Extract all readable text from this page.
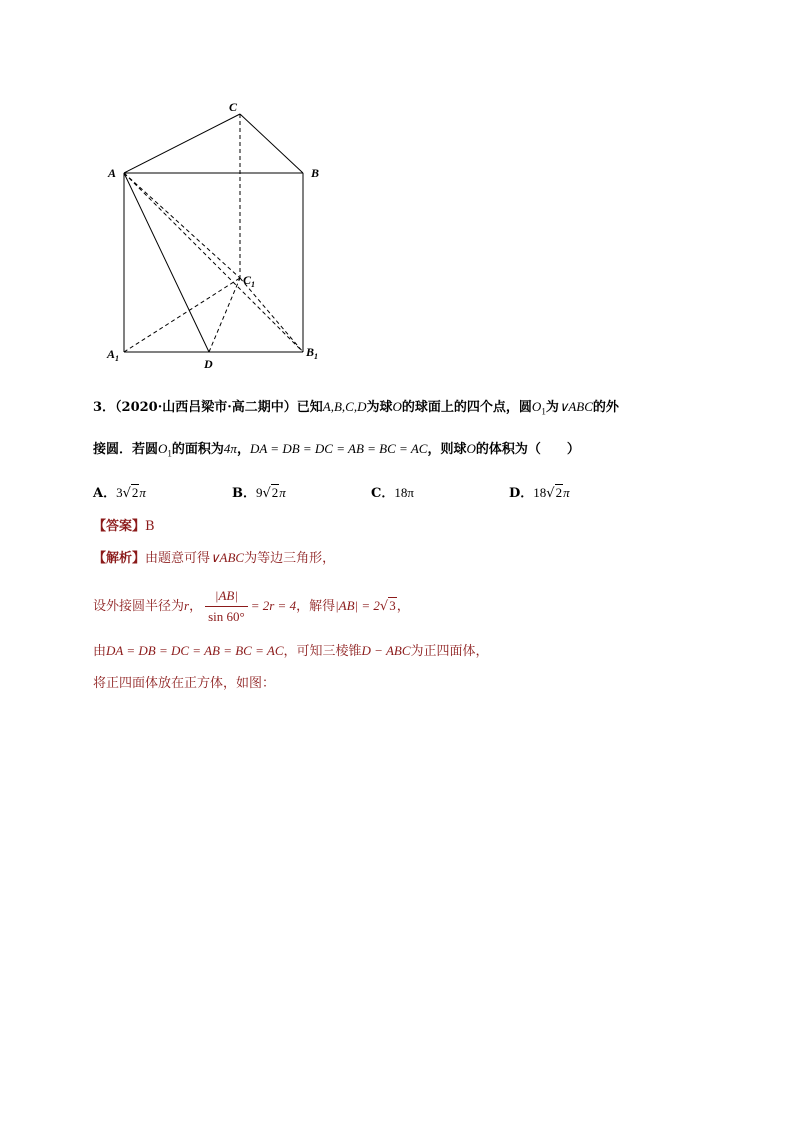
C
A	B
$C_1$
$A_1$	$B_1$
D
3．（2020·山西吕梁市·高二期中）已知A,B,C,D为球O的球面上的四个点，圆$O_1$为∨ABC的外
接圆．若圆$O_1$的面积为4π，DA = DB = DC = AB = BC = AC，则球O的体积为（　　）
A．3√2π	B．9√2π	C．18π	D．18√2π
【答案】B
【解析】由题意可得∨ABC为等边三角形，
设外接圆半径为r， $\frac{|AB|}{\sin 60^\circ} = 2r = 4$，解得|AB| = 2√3，
由DA = DB = DC = AB = BC = AC，可知三棱锥D − ABC为正四面体，
将正四面体放在正方体，如图：
